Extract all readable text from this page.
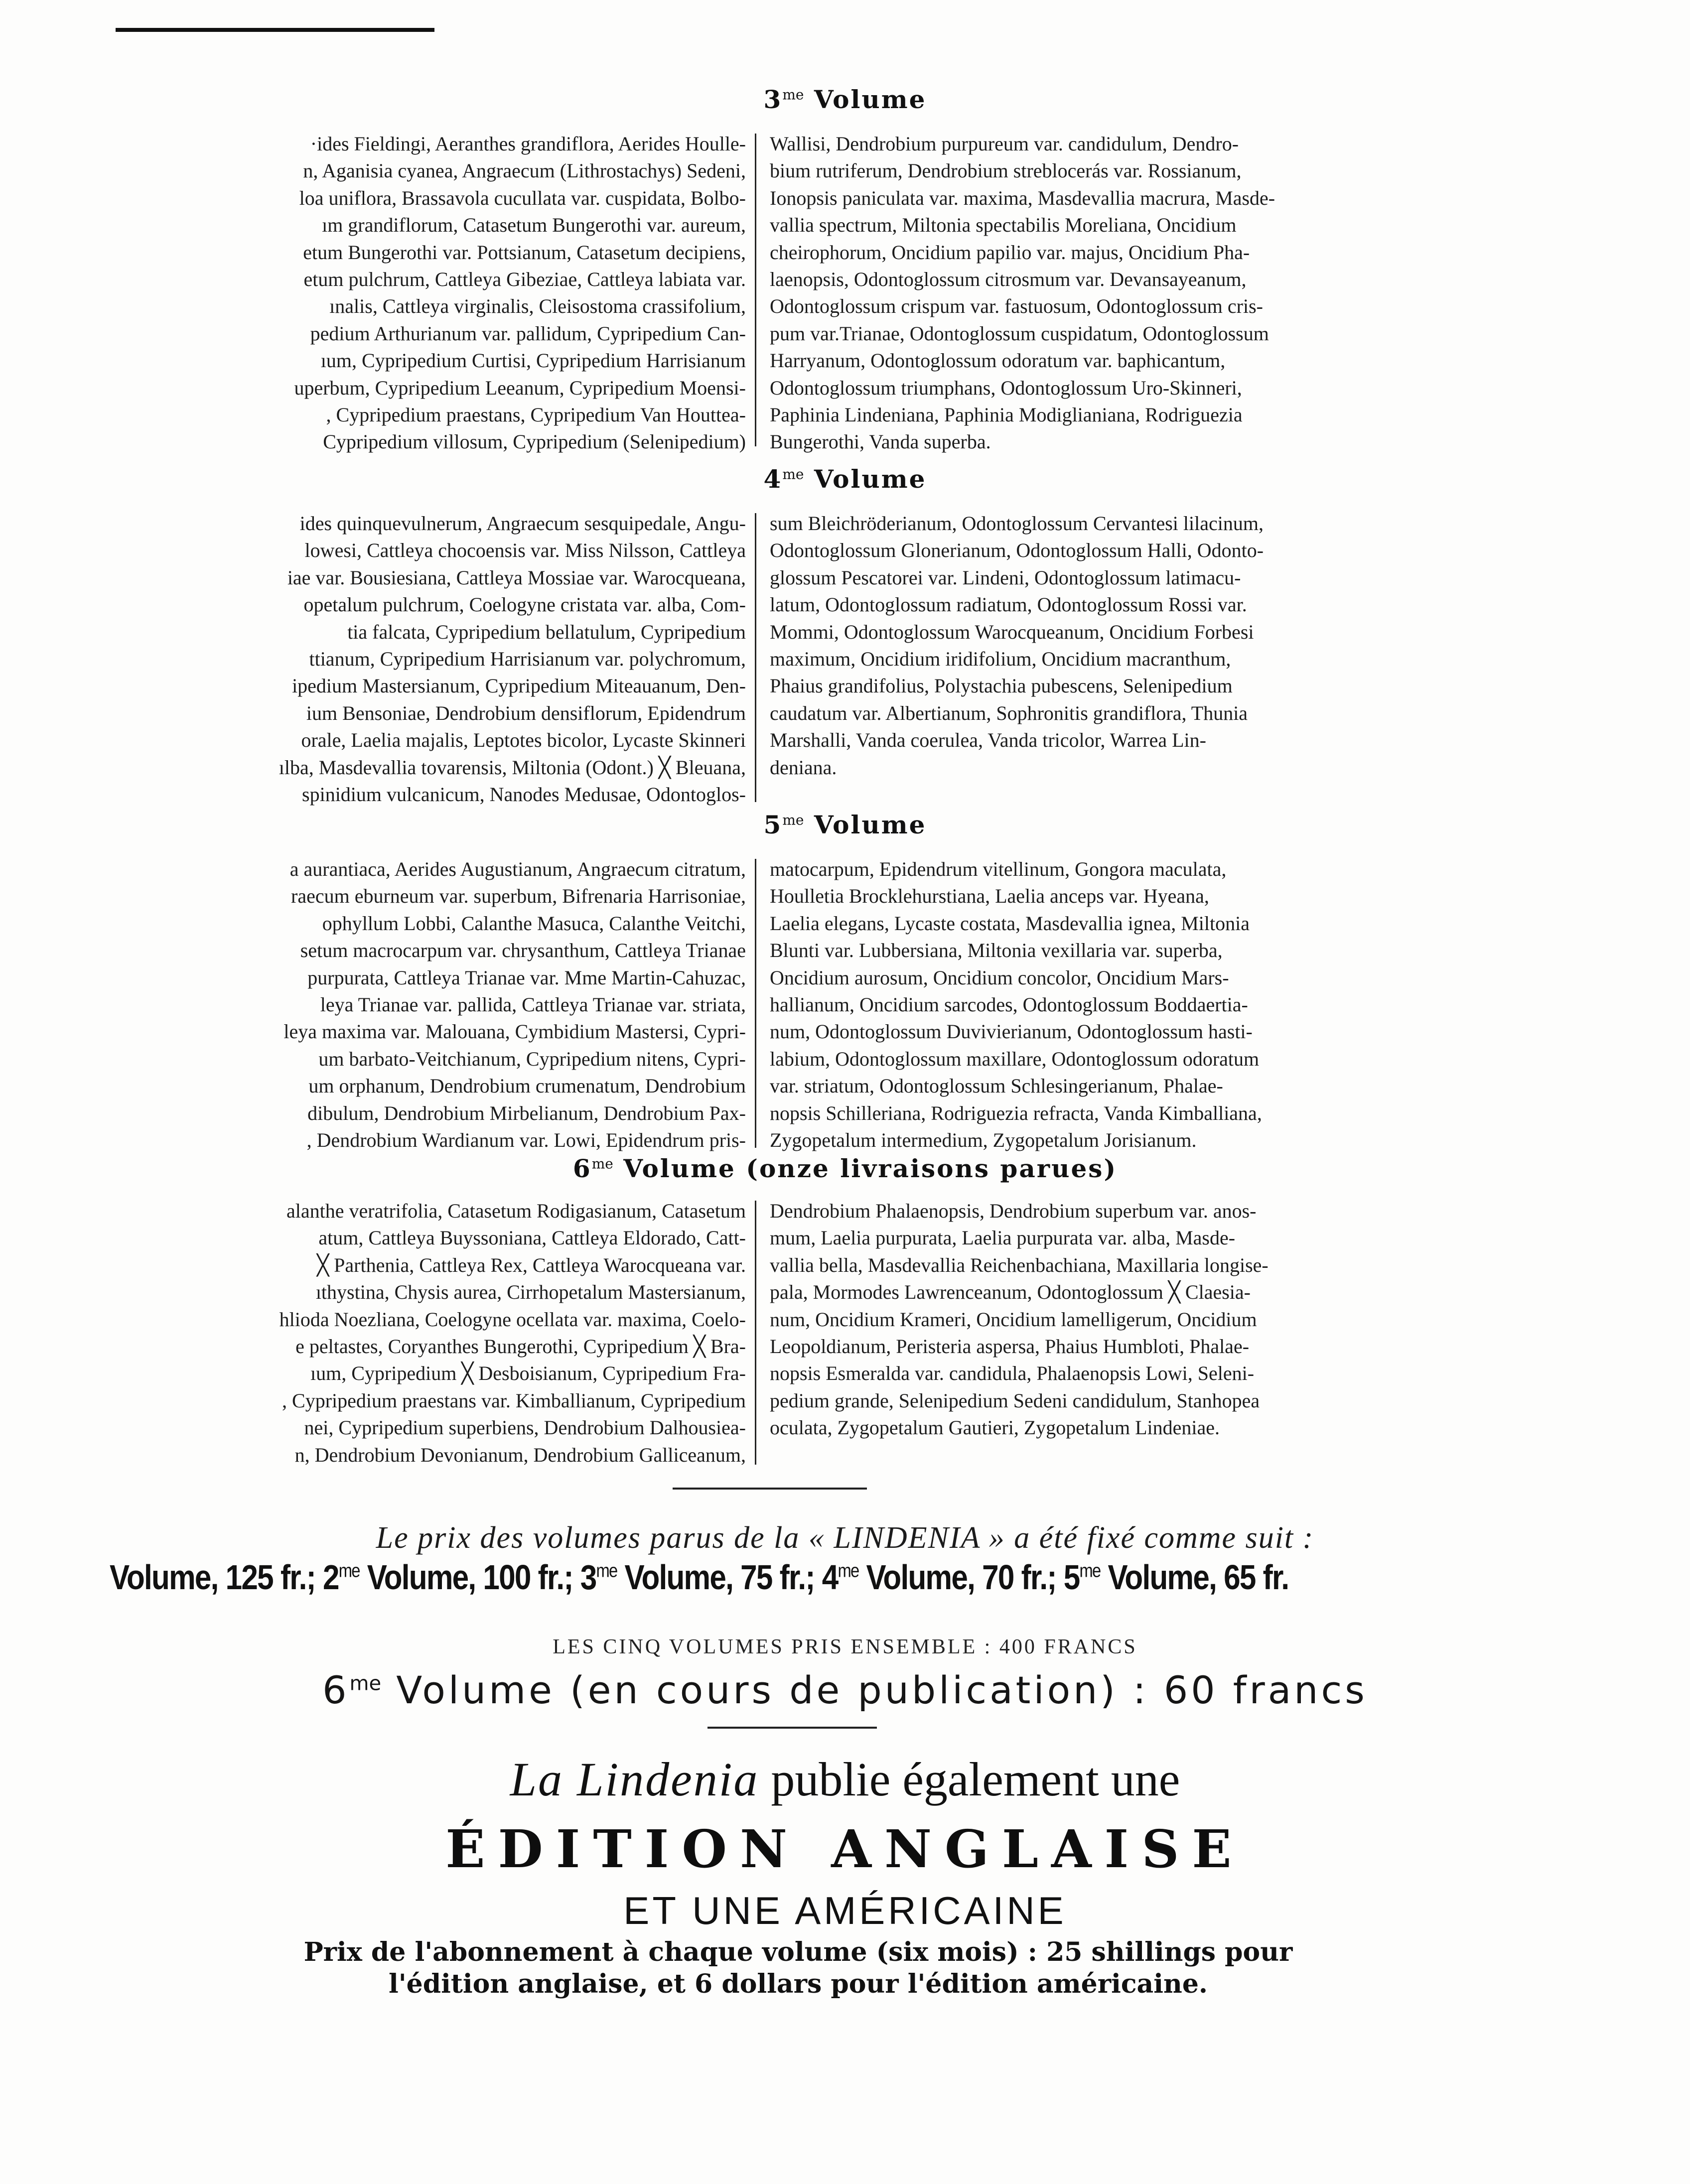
$3^{me}$ Volume
·ides Fieldingi, Aeranthes grandiflora, Aerides Houlle-
n, Aganisia cyanea, Angraecum (Lithrostachys) Sedeni,
loa uniflora, Brassavola cucullata var. cuspidata, Bolbo-
ım grandiflorum, Catasetum Bungerothi var. aureum,
etum Bungerothi var. Pottsianum, Catasetum decipiens,
etum pulchrum, Cattleya Gibeziae, Cattleya labiata var.
ınalis, Cattleya virginalis, Cleisostoma crassifolium,
pedium Arthurianum var. pallidum, Cypripedium Can-
ıum, Cypripedium Curtisi, Cypripedium Harrisianum
uperbum, Cypripedium Leeanum, Cypripedium Moensi-
, Cypripedium praestans, Cypripedium Van Houttea-
Cypripedium villosum, Cypripedium (Selenipedium)
Wallisi, Dendrobium purpureum var. candidulum, Dendro-
bium rutriferum, Dendrobium streblocerás var. Rossianum,
Ionopsis paniculata var. maxima, Masdevallia macrura, Masde-
vallia spectrum, Miltonia spectabilis Moreliana, Oncidium
cheirophorum, Oncidium papilio var. majus, Oncidium Pha-
laenopsis, Odontoglossum citrosmum var. Devansayeanum,
Odontoglossum crispum var. fastuosum, Odontoglossum cris-
pum var.Trianae, Odontoglossum cuspidatum, Odontoglossum
Harryanum, Odontoglossum odoratum var. baphicantum,
Odontoglossum triumphans, Odontoglossum Uro-Skinneri,
Paphinia Lindeniana, Paphinia Modiglianiana, Rodriguezia
Bungerothi, Vanda superba.
$4^{me}$ Volume
ides quinquevulnerum, Angraecum sesquipedale, Angu-
lowesi, Cattleya chocoensis var. Miss Nilsson, Cattleya
iae var. Bousiesiana, Cattleya Mossiae var. Warocqueana,
opetalum pulchrum, Coelogyne cristata var. alba, Com-
tia falcata, Cypripedium bellatulum, Cypripedium
ttianum, Cypripedium Harrisianum var. polychromum,
ipedium Mastersianum, Cypripedium Miteauanum, Den-
ium Bensoniae, Dendrobium densiflorum, Epidendrum
orale, Laelia majalis, Leptotes bicolor, Lycaste Skinneri
ılba, Masdevallia tovarensis, Miltonia (Odont.) ╳ Bleuana,
spinidium vulcanicum, Nanodes Medusae, Odontoglos-
sum Bleichröderianum, Odontoglossum Cervantesi lilacinum,
Odontoglossum Glonerianum, Odontoglossum Halli, Odonto-
glossum Pescatorei var. Lindeni, Odontoglossum latimacu-
latum, Odontoglossum radiatum, Odontoglossum Rossi var.
Mommi, Odontoglossum Warocqueanum, Oncidium Forbesi
maximum, Oncidium iridifolium, Oncidium macranthum,
Phaius grandifolius, Polystachia pubescens, Selenipedium
caudatum var. Albertianum, Sophronitis grandiflora, Thunia
Marshalli, Vanda coerulea, Vanda tricolor, Warrea Lin-
deniana.
$5^{me}$ Volume
a aurantiaca, Aerides Augustianum, Angraecum citratum,
raecum eburneum var. superbum, Bifrenaria Harrisoniae,
ophyllum Lobbi, Calanthe Masuca, Calanthe Veitchi,
setum macrocarpum var. chrysanthum, Cattleya Trianae
purpurata, Cattleya Trianae var. Mme Martin-Cahuzac,
leya Trianae var. pallida, Cattleya Trianae var. striata,
leya maxima var. Malouana, Cymbidium Mastersi, Cypri-
um barbato-Veitchianum, Cypripedium nitens, Cypri-
um orphanum, Dendrobium crumenatum, Dendrobium
dibulum, Dendrobium Mirbelianum, Dendrobium Pax-
, Dendrobium Wardianum var. Lowi, Epidendrum pris-
matocarpum, Epidendrum vitellinum, Gongora maculata,
Houlletia Brocklehurstiana, Laelia anceps var. Hyeana,
Laelia elegans, Lycaste costata, Masdevallia ignea, Miltonia
Blunti var. Lubbersiana, Miltonia vexillaria var. superba,
Oncidium aurosum, Oncidium concolor, Oncidium Mars-
hallianum, Oncidium sarcodes, Odontoglossum Boddaertia-
num, Odontoglossum Duvivierianum, Odontoglossum hasti-
labium, Odontoglossum maxillare, Odontoglossum odoratum
var. striatum, Odontoglossum Schlesingerianum, Phalae-
nopsis Schilleriana, Rodriguezia refracta, Vanda Kimballiana,
Zygopetalum intermedium, Zygopetalum Jorisianum.
$6^{me}$ Volume (onze livraisons parues)
alanthe veratrifolia, Catasetum Rodigasianum, Catasetum
atum, Cattleya Buyssoniana, Cattleya Eldorado, Catt-
╳ Parthenia, Cattleya Rex, Cattleya Warocqueana var.
ıthystina, Chysis aurea, Cirrhopetalum Mastersianum,
hlioda Noezliana, Coelogyne ocellata var. maxima, Coelo-
e peltastes, Coryanthes Bungerothi, Cypripedium ╳ Bra-
ıum, Cypripedium ╳ Desboisianum, Cypripedium Fra-
, Cypripedium praestans var. Kimballianum, Cypripedium
nei, Cypripedium superbiens, Dendrobium Dalhousiea-
n, Dendrobium Devonianum, Dendrobium Galliceanum,
Dendrobium Phalaenopsis, Dendrobium superbum var. anos-
mum, Laelia purpurata, Laelia purpurata var. alba, Masde-
vallia bella, Masdevallia Reichenbachiana, Maxillaria longise-
pala, Mormodes Lawrenceanum, Odontoglossum ╳ Claesia-
num, Oncidium Krameri, Oncidium lamelligerum, Oncidium
Leopoldianum, Peristeria aspersa, Phaius Humbloti, Phalae-
nopsis Esmeralda var. candidula, Phalaenopsis Lowi, Seleni-
pedium grande, Selenipedium Sedeni candidulum, Stanhopea
oculata, Zygopetalum Gautieri, Zygopetalum Lindeniae.
Le prix des volumes parus de la « LINDENIA » a été fixé comme suit :
Volume, 125 fr.; $2^{me}$ Volume, 100 fr.; $3^{me}$ Volume, 75 fr.; $4^{me}$ Volume, 70 fr.; $5^{me}$ Volume, 65 fr.
LES CINQ VOLUMES PRIS ENSEMBLE : 400 FRANCS
$6^{me}$ Volume (en cours de publication) : 60 francs
La Lindenia publie également une
ÉDITION ANGLAISE
ET UNE AMÉRICAINE
Prix de l'abonnement à chaque volume (six mois) : 25 shillings pour
l'édition anglaise, et 6 dollars pour l'édition américaine.
